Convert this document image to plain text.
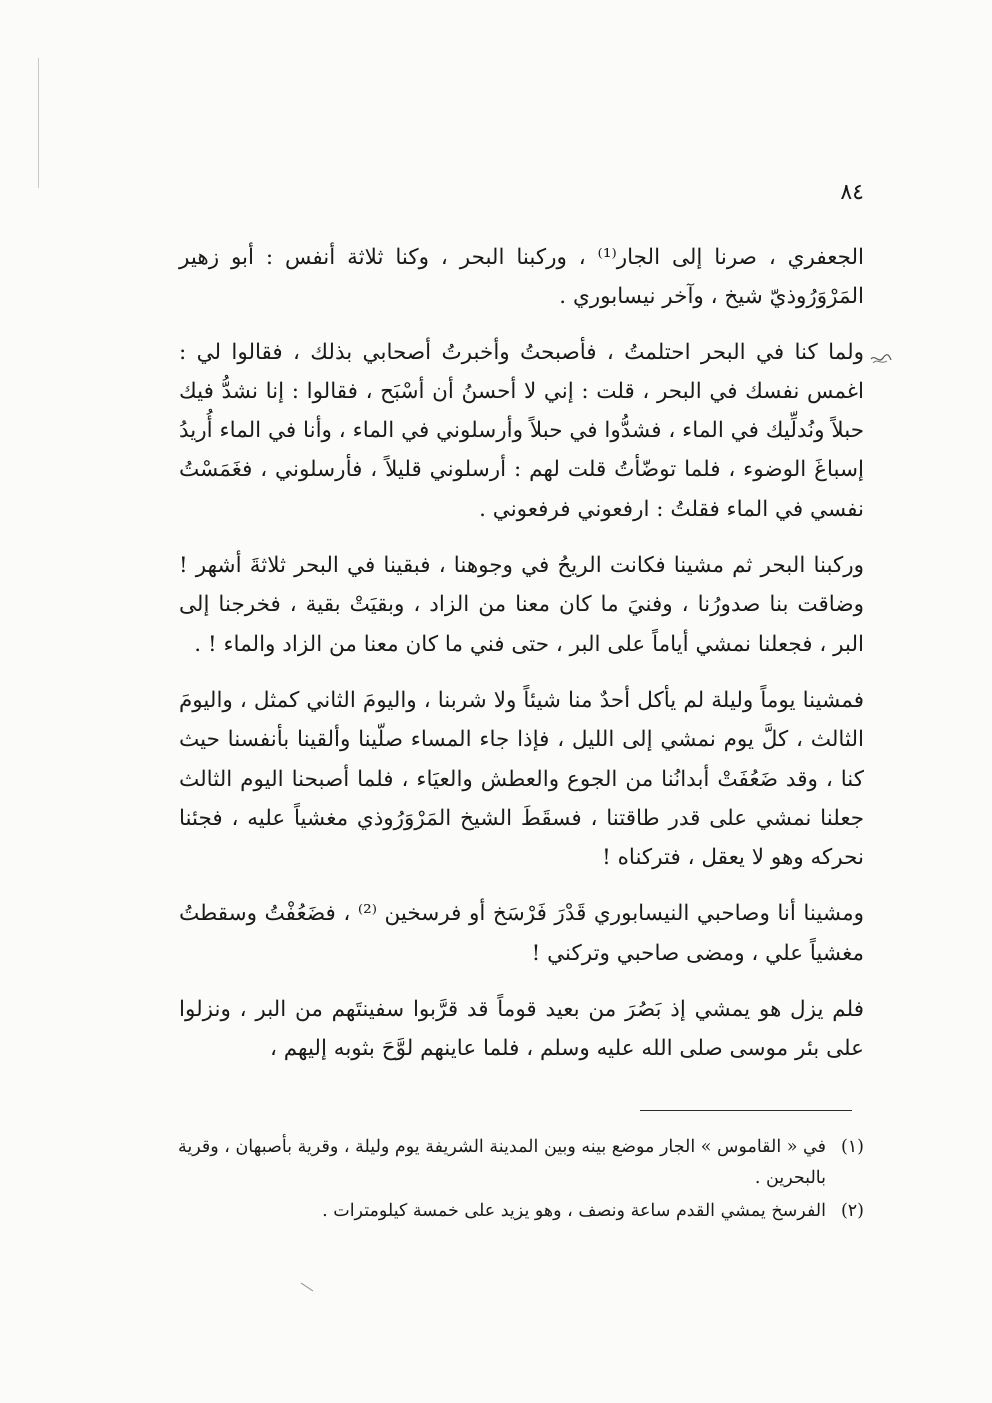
٨٤

الجعفري ، صرنا إلى الجار⁽¹⁾ ، وركبنا البحر ، وكنا ثلاثة أنفس : أبو زهير المَرْوَرُوذيّ شيخ ، وآخر نيسابوري .

ولما كنا في البحر احتلمتُ ، فأصبحتُ وأخبرتُ أصحابي بذلك ، فقالوا لي : اغمس نفسك في البحر ، قلت : إني لا أحسنُ أن أسْبَح ، فقالوا : إنا نشدُّ فيك حبلاً ونُدلِّيك في الماء ، فشدُّوا في حبلاً وأرسلوني في الماء ، وأنا في الماء أُريدُ إسباغَ الوضوء ، فلما توضّأتُ قلت لهم : أرسلوني قليلاً ، فأرسلوني ، فغَمَسْتُ نفسي في الماء فقلتُ : ارفعوني فرفعوني .

وركبنا البحر ثم مشينا فكانت الريحُ في وجوهنا ، فبقينا في البحر ثلاثةَ أشهر ! وضاقت بنا صدورُنا ، وفنيَ ما كان معنا من الزاد ، وبقيَتْ بقية ، فخرجنا إلى البر ، فجعلنا نمشي أياماً على البر ، حتى فني ما كان معنا من الزاد والماء ! .

فمشينا يوماً وليلة لم يأكل أحدٌ منا شيئاً ولا شربنا ، واليومَ الثاني كمثل ، واليومَ الثالث ، كلَّ يوم نمشي إلى الليل ، فإذا جاء المساء صلّينا وألقينا بأنفسنا حيث كنا ، وقد ضَعُفَتْ أبدانُنا من الجوع والعطش والعيَاء ، فلما أصبحنا اليوم الثالث جعلنا نمشي على قدر طاقتنا ، فسقَطَ الشيخ المَرْوَرُوذي مغشياً عليه ، فجئنا نحركه وهو لا يعقل ، فتركناه !

ومشينا أنا وصاحبي النيسابوري قَدْرَ فَرْسَخ أو فرسخين ⁽²⁾ ، فضَعُفْتُ وسقطتُ مغشياً علي ، ومضى صاحبي وتركني !

فلم يزل هو يمشي إذ بَصُرَ من بعيد قوماً قد قرَّبوا سفينتَهم من البر ، ونزلوا على بئر موسى صلى الله عليه وسلم ، فلما عاينهم لوَّحَ بثوبه إليهم ،

(١)
في « القاموس » الجار موضع بينه وبين المدينة الشريفة يوم وليلة ، وقرية بأصبهان ، وقرية بالبحرين .
(٢)
الفرسخ يمشي القدم ساعة ونصف ، وهو يزيد على خمسة كيلومترات .
